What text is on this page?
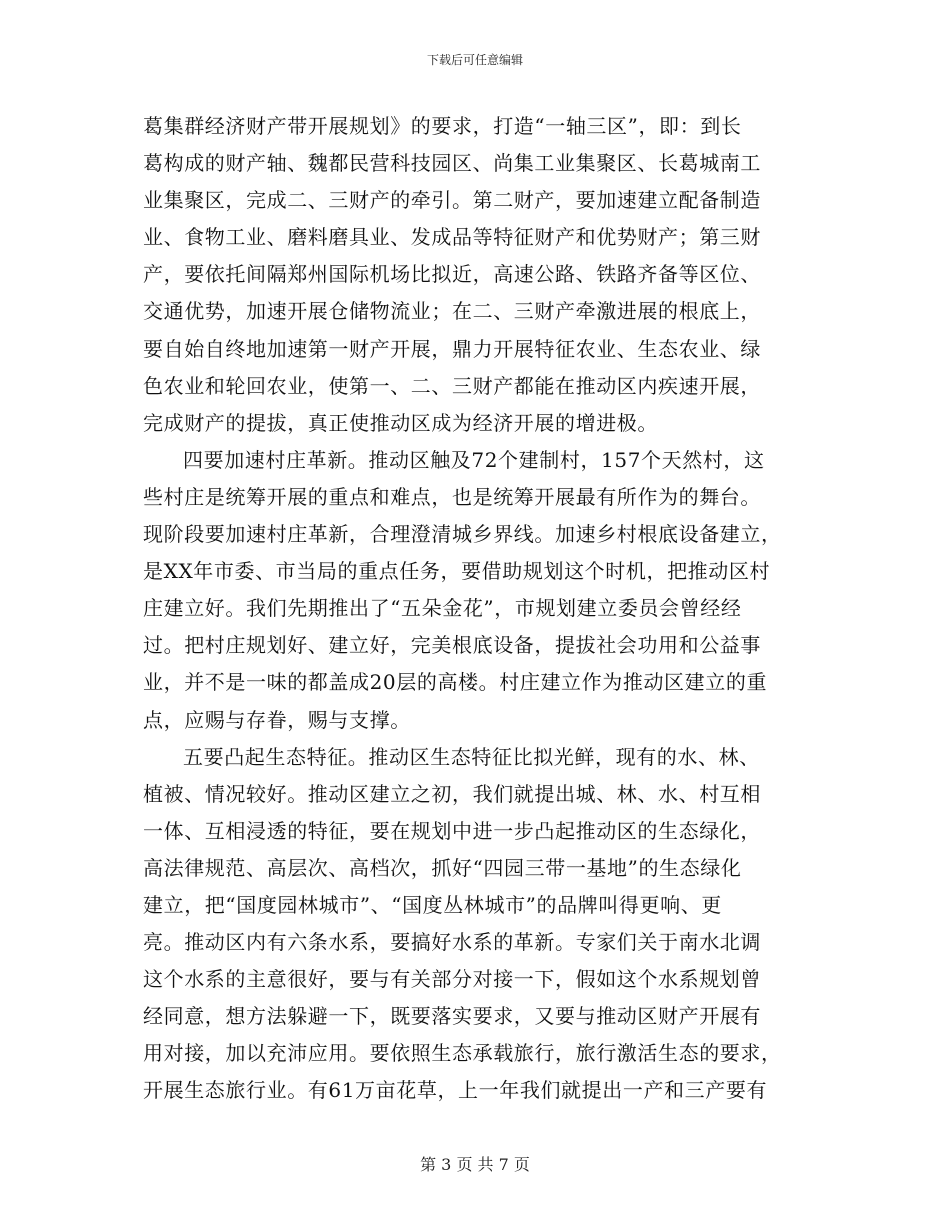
下载后可任意编辑
葛集群经济财产带开展规划》的要求，打造“一轴三区”，即：到长
葛构成的财产轴、魏都民营科技园区、尚集工业集聚区、长葛城南工
业集聚区，完成二、三财产的牵引。第二财产，要加速建立配备制造
业、食物工业、磨料磨具业、发成品等特征财产和优势财产；第三财
产，要依托间隔郑州国际机场比拟近，高速公路、铁路齐备等区位、
交通优势，加速开展仓储物流业；在二、三财产牵激进展的根底上，
要自始自终地加速第一财产开展，鼎力开展特征农业、生态农业、绿
色农业和轮回农业，使第一、二、三财产都能在推动区内疾速开展，
完成财产的提拔，真正使推动区成为经济开展的增进极。
四要加速村庄革新。推动区触及72个建制村，157个天然村，这
些村庄是统筹开展的重点和难点，也是统筹开展最有所作为的舞台。
现阶段要加速村庄革新，合理澄清城乡界线。加速乡村根底设备建立，
是XX年市委、市当局的重点任务，要借助规划这个时机，把推动区村
庄建立好。我们先期推出了“五朵金花”，市规划建立委员会曾经经
过。把村庄规划好、建立好，完美根底设备，提拔社会功用和公益事
业，并不是一味的都盖成20层的高楼。村庄建立作为推动区建立的重
点，应赐与存眷，赐与支撑。
五要凸起生态特征。推动区生态特征比拟光鲜，现有的水、林、
植被、情况较好。推动区建立之初，我们就提出城、林、水、村互相
一体、互相浸透的特征，要在规划中进一步凸起推动区的生态绿化，
高法律规范、高层次、高档次，抓好“四园三带一基地”的生态绿化
建立，把“国度园林城市”、“国度丛林城市”的品牌叫得更响、更
亮。推动区内有六条水系，要搞好水系的革新。专家们关于南水北调
这个水系的主意很好，要与有关部分对接一下，假如这个水系规划曾
经同意，想方法躲避一下，既要落实要求，又要与推动区财产开展有
用对接，加以充沛应用。要依照生态承载旅行，旅行激活生态的要求，
开展生态旅行业。有61万亩花草，上一年我们就提出一产和三产要有
第 3 页 共 7 页
